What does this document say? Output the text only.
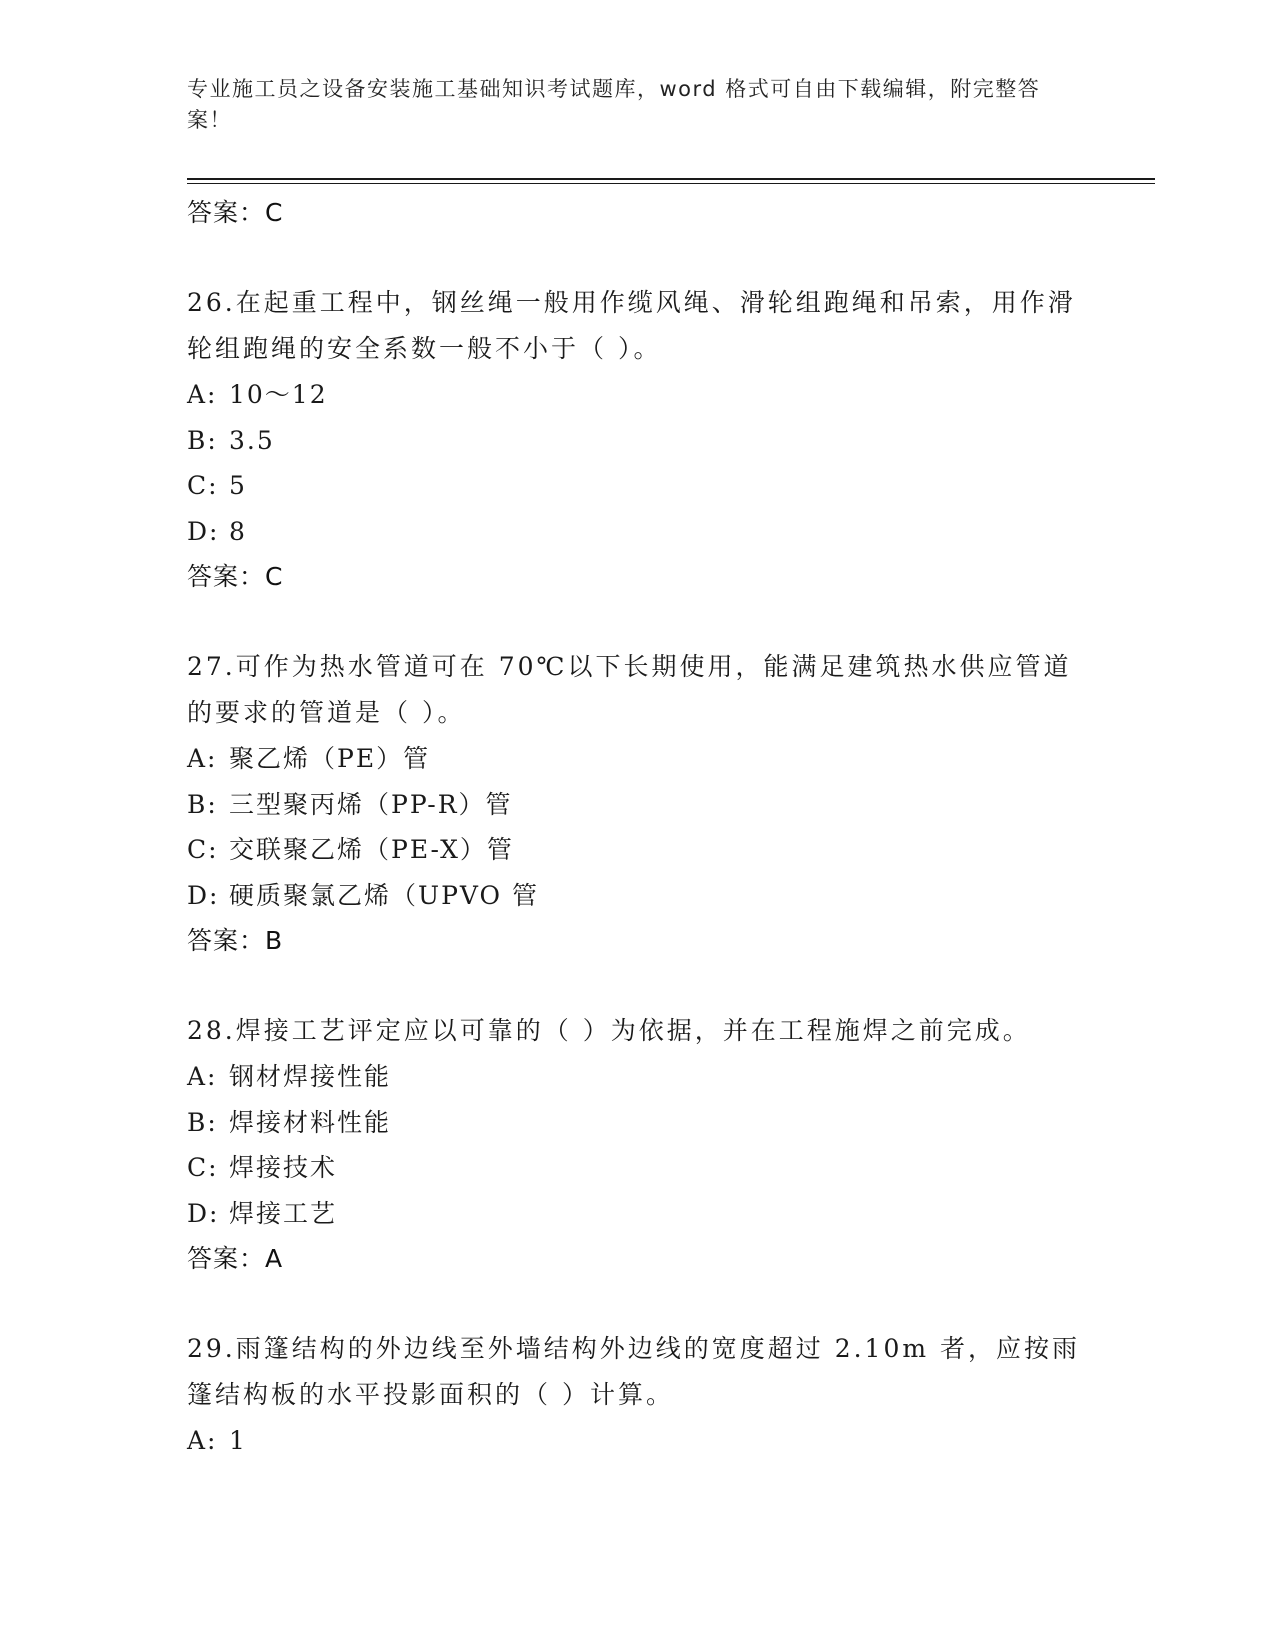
专业施工员之设备安装施工基础知识考试题库，word 格式可自由下载编辑，附完整答案！
答案：C
26.在起重工程中，钢丝绳一般用作缆风绳、滑轮组跑绳和吊索，用作滑轮组跑绳的安全系数一般不小于（ ）。
A: 10～12
B: 3.5
C: 5
D: 8
答案：C
27.可作为热水管道可在 70℃以下长期使用，能满足建筑热水供应管道的要求的管道是（ ）。
A: 聚乙烯（PE）管
B: 三型聚丙烯（PP-R）管
C: 交联聚乙烯（PE-X）管
D: 硬质聚氯乙烯（UPVO 管
答案：B
28.焊接工艺评定应以可靠的（ ）为依据，并在工程施焊之前完成。
A: 钢材焊接性能
B: 焊接材料性能
C: 焊接技术
D: 焊接工艺
答案：A
29.雨篷结构的外边线至外墙结构外边线的宽度超过 2.10m 者，应按雨篷结构板的水平投影面积的（ ）计算。
A: 1
